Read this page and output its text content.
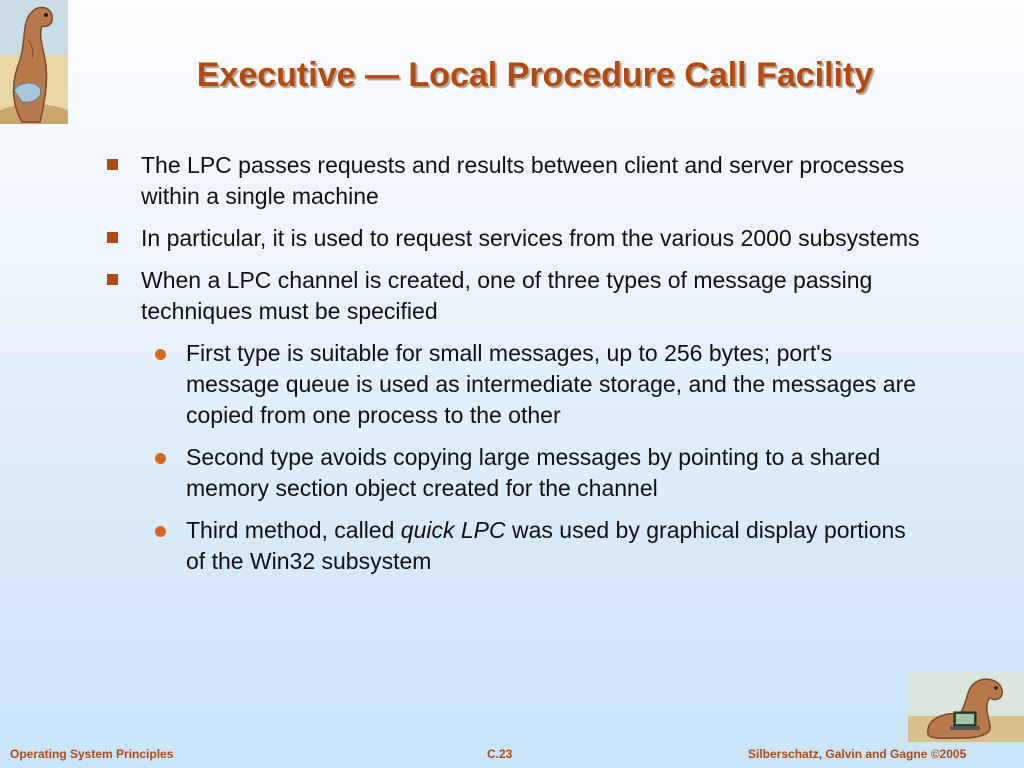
Executive — Local Procedure Call Facility
The LPC passes requests and results between client and server processes within a single machine
In particular, it is used to request services from the various 2000 subsystems
When a LPC channel is created, one of three types of message passing techniques must be specified
First type is suitable for small messages, up to 256 bytes; port's message queue is used as intermediate storage, and the messages are copied from one process to the other
Second type avoids copying large messages by pointing to a shared memory section object created for the channel
Third method, called quick LPC was used by graphical display portions of the Win32 subsystem
Operating System Principles	C.23	Silberschatz, Galvin and Gagne ©2005
